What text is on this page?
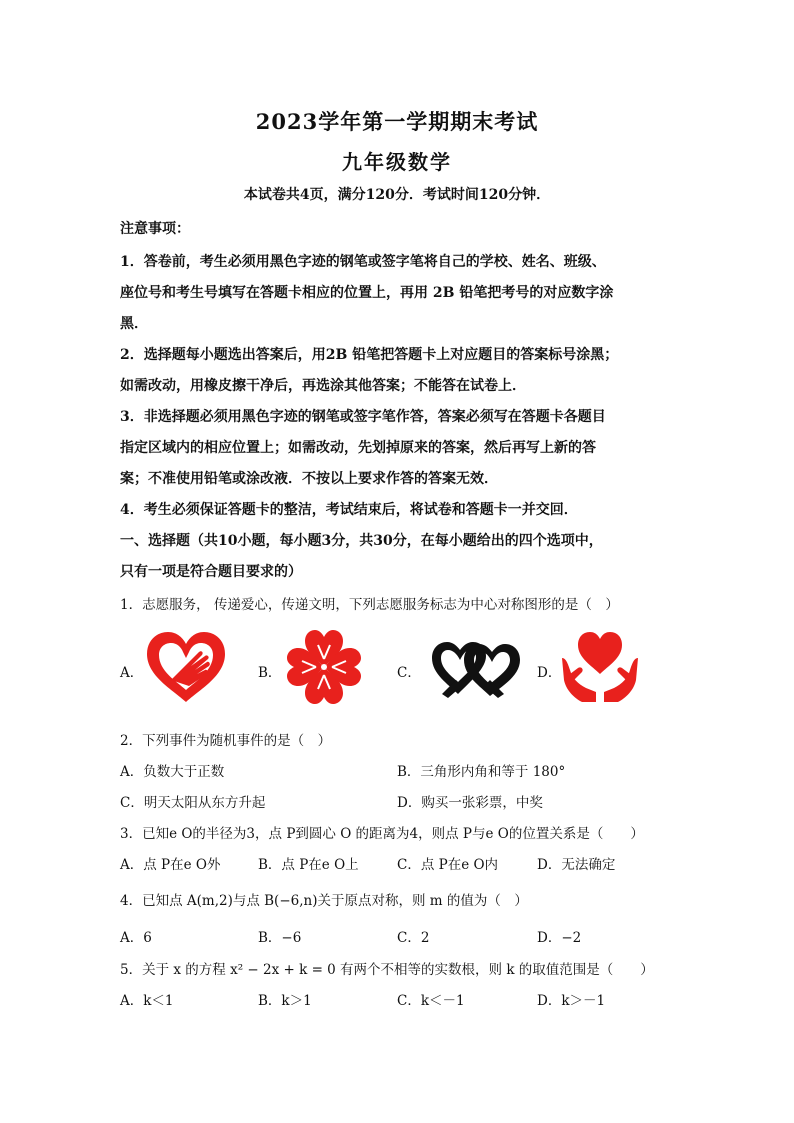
2023学年第一学期期末考试
九年级数学
本试卷共4页，满分120分．考试时间120分钟．
注意事项：
1．答卷前，考生必须用黑色字迹的钢笔或签字笔将自己的学校、姓名、班级、
座位号和考生号填写在答题卡相应的位置上，再用 2B 铅笔把考号的对应数字涂
黑．
2．选择题每小题选出答案后，用2B 铅笔把答题卡上对应题目的答案标号涂黑；
如需改动，用橡皮擦干净后，再选涂其他答案；不能答在试卷上．
3．非选择题必须用黑色字迹的钢笔或签字笔作答，答案必须写在答题卡各题目
指定区域内的相应位置上；如需改动，先划掉原来的答案，然后再写上新的答
案；不准使用铅笔或涂改液．不按以上要求作答的答案无效．
4．考生必须保证答题卡的整洁，考试结束后，将试卷和答题卡一并交回．
一、选择题（共10小题，每小题3分，共30分，在每小题给出的四个选项中，
只有一项是符合题目要求的）
1．志愿服务， 传递爱心，传递文明，下列志愿服务标志为中心对称图形的是（　）
A．	B．	C．	D．
2．下列事件为随机事件的是（　）
A．负数大于正数	B．三角形内角和等于 180°
C．明天太阳从东方升起	D．购买一张彩票，中奖
3．已知e O的半径为3，点 P到圆心 O 的距离为4，则点 P与e O的位置关系是（　　）
A．点 P在e O外	B．点 P在e O上	C．点 P在e O内	D．无法确定
4．已知点 A(m,2)与点 B(−6,n)关于原点对称，则 m 的值为（　）
A．6	B．−6	C．2	D．−2
5．关于 x 的方程 x² − 2x + k = 0 有两个不相等的实数根，则 k 的取值范围是（　　）
A．k＜1	B．k＞1	C．k＜－1	D．k＞－1
